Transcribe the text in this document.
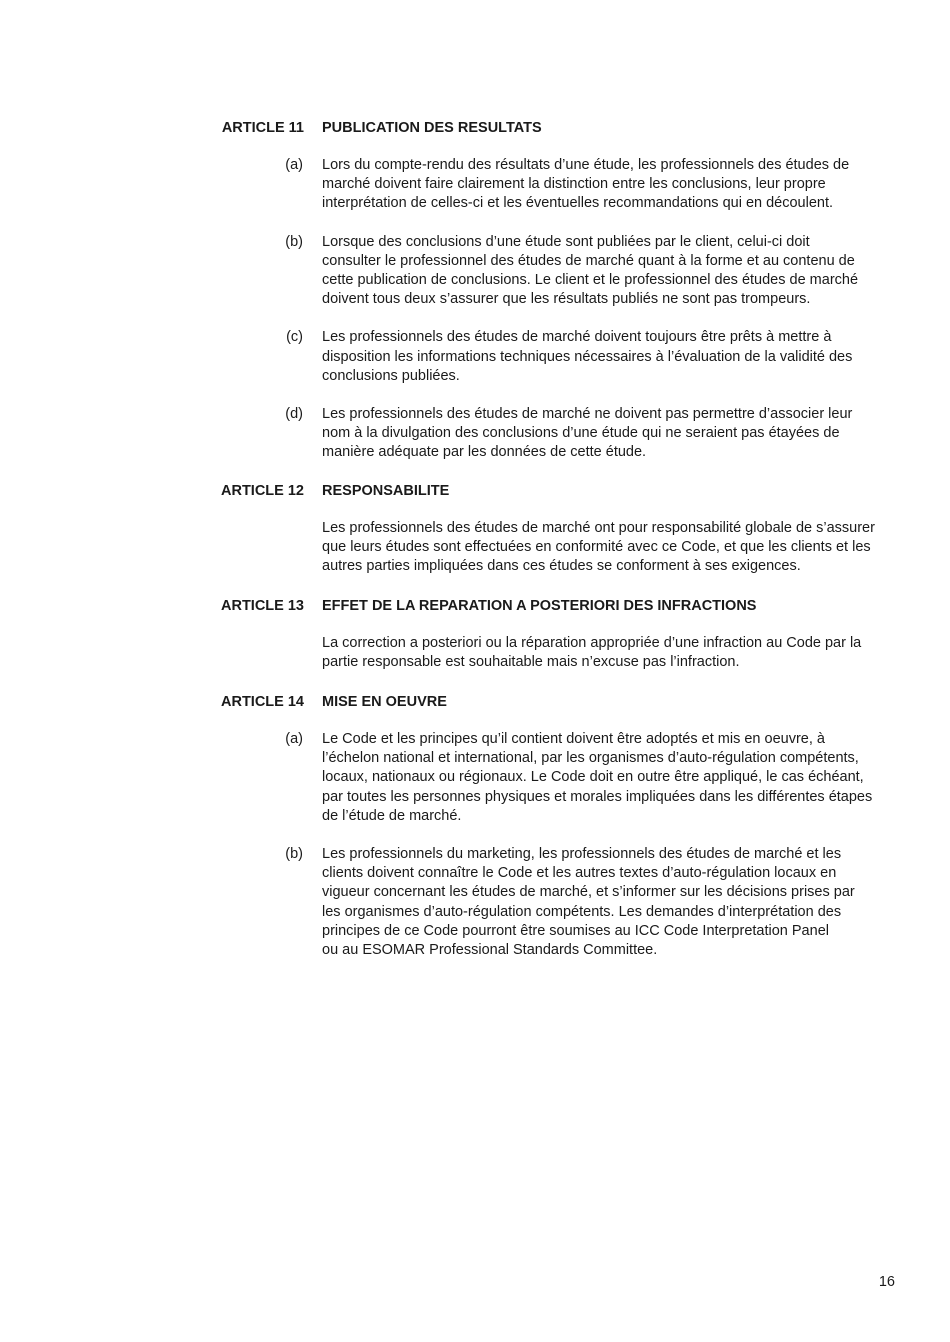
ARTICLE 11 PUBLICATION DES RESULTATS
(a) Lors du compte-rendu des résultats d’une étude, les professionnels des études de
marché doivent faire clairement la distinction entre les conclusions, leur propre
interprétation de celles-ci et les éventuelles recommandations qui en découlent.
(b) Lorsque des conclusions d’une étude sont publiées par le client, celui-ci doit
consulter le professionnel des études de marché quant à la forme et au contenu de
cette publication de conclusions. Le client et le professionnel des études de marché
doivent tous deux s’assurer que les résultats publiés ne sont pas trompeurs.
(c) Les professionnels des études de marché doivent toujours être prêts à mettre à
disposition les informations techniques nécessaires à l’évaluation de la validité des
conclusions publiées.
(d) Les professionnels des études de marché ne doivent pas permettre d’associer leur
nom à la divulgation des conclusions d’une étude qui ne seraient pas étayées de
manière adéquate par les données de cette étude.
ARTICLE 12 RESPONSABILITE
Les professionnels des études de marché ont pour responsabilité globale de s’assurer
que leurs études sont effectuées en conformité avec ce Code, et que les clients et les
autres parties impliquées dans ces études se conforment à ses exigences.
ARTICLE 13 EFFET DE LA REPARATION A POSTERIORI DES INFRACTIONS
La correction a posteriori ou la réparation appropriée d’une infraction au Code par la
partie responsable est souhaitable mais n’excuse pas l’infraction.
ARTICLE 14 MISE EN OEUVRE
(a) Le Code et les principes qu’il contient doivent être adoptés et mis en oeuvre, à
l’échelon national et international, par les organismes d’auto-régulation compétents,
locaux, nationaux ou régionaux. Le Code doit en outre être appliqué, le cas échéant,
par toutes les personnes physiques et morales impliquées dans les différentes étapes
de l’étude de marché.
(b) Les professionnels du marketing, les professionnels des études de marché et les
clients doivent connaître le Code et les autres textes d’auto-régulation locaux en
vigueur concernant les études de marché, et s’informer sur les décisions prises par
les organismes d’auto-régulation compétents. Les demandes d’interprétation des
principes de ce Code pourront être soumises au ICC Code Interpretation Panel
ou au ESOMAR Professional Standards Committee.
16
